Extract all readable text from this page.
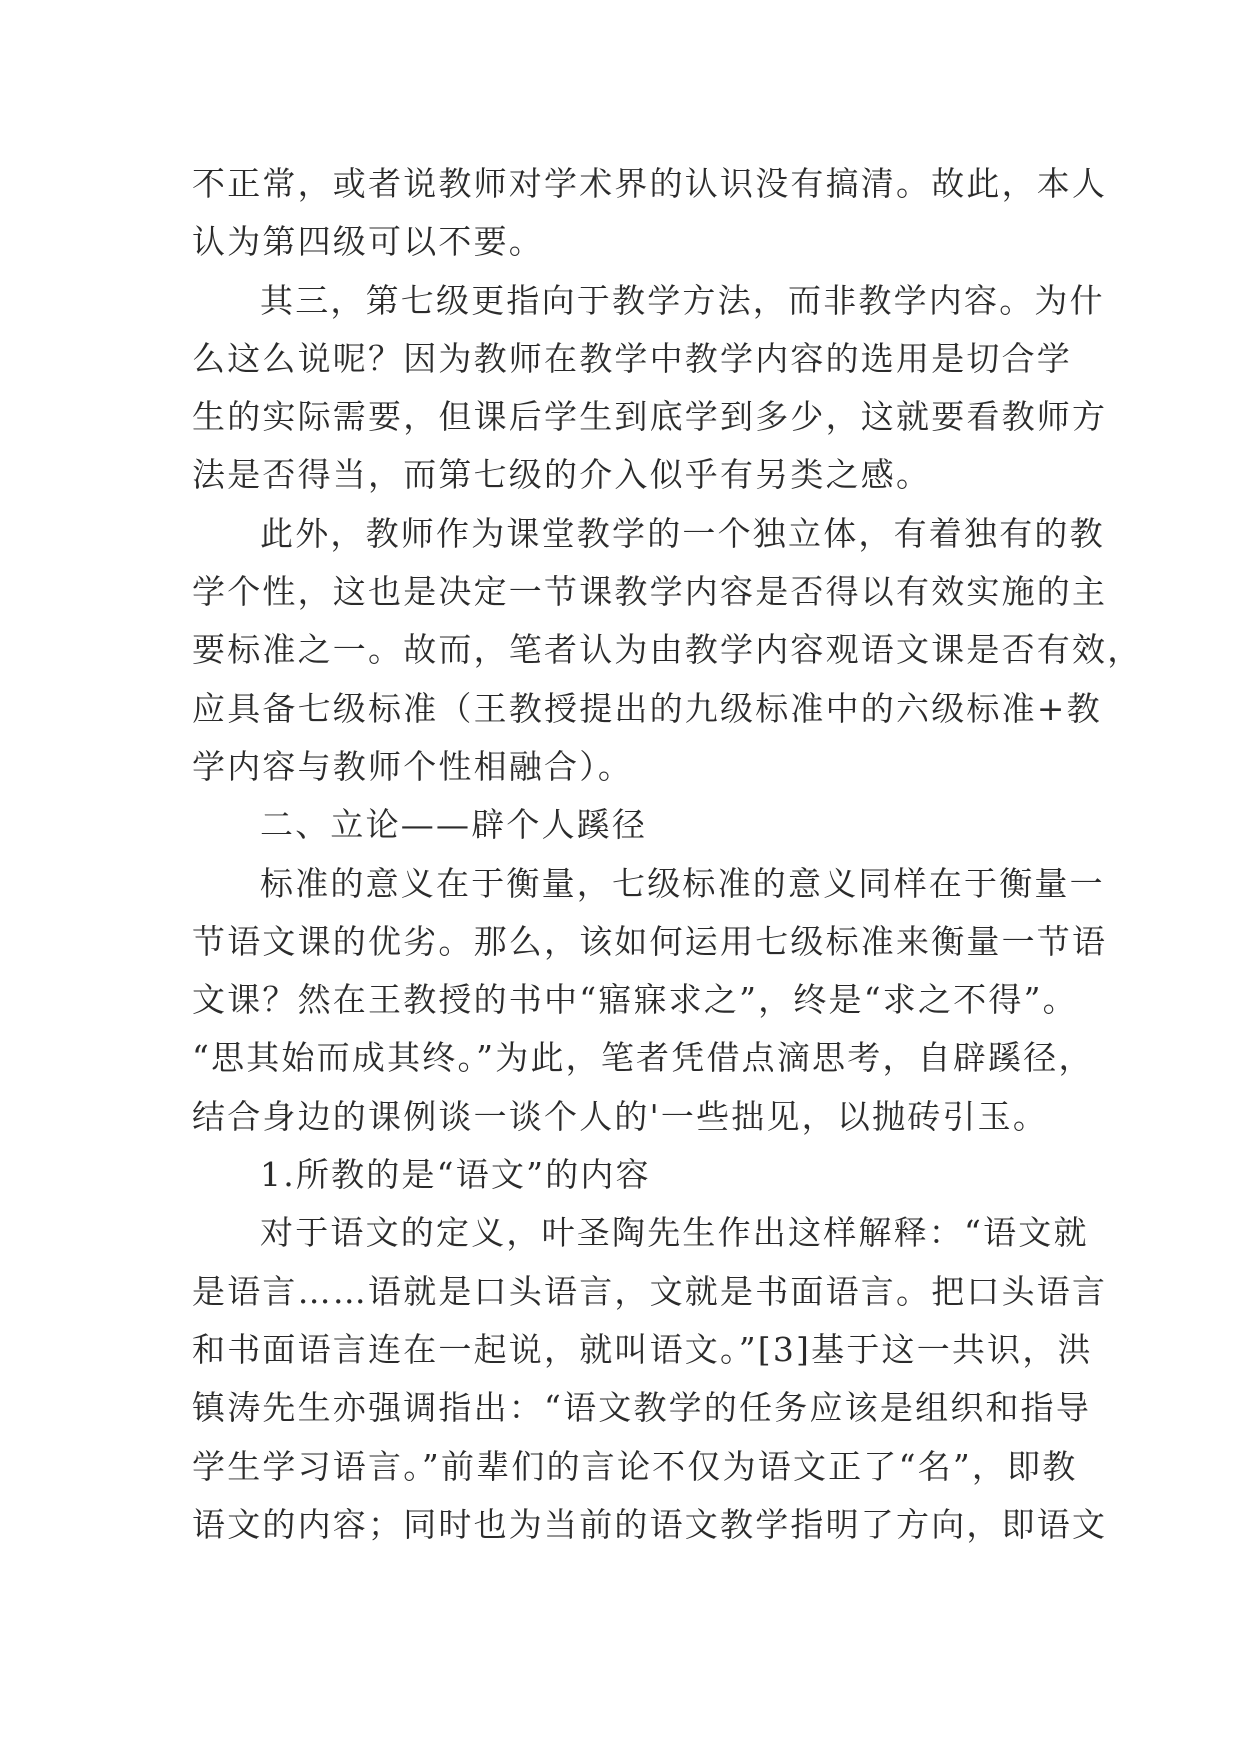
不正常，或者说教师对学术界的认识没有搞清。故此，本人
认为第四级可以不要。
其三，第七级更指向于教学方法，而非教学内容。为什
么这么说呢？因为教师在教学中教学内容的选用是切合学
生的实际需要，但课后学生到底学到多少，这就要看教师方
法是否得当，而第七级的介入似乎有另类之感。
此外，教师作为课堂教学的一个独立体，有着独有的教
学个性，这也是决定一节课教学内容是否得以有效实施的主
要标准之一。故而，笔者认为由教学内容观语文课是否有效，
应具备七级标准（王教授提出的九级标准中的六级标准+教
学内容与教师个性相融合）。
二、立论——辟个人蹊径
标准的意义在于衡量，七级标准的意义同样在于衡量一
节语文课的优劣。那么，该如何运用七级标准来衡量一节语
文课？然在王教授的书中“寤寐求之”，终是“求之不得”。
“思其始而成其终。”为此，笔者凭借点滴思考，自辟蹊径，
结合身边的课例谈一谈个人的'一些拙见，以抛砖引玉。
1.所教的是“语文”的内容
对于语文的定义，叶圣陶先生作出这样解释：“语文就
是语言……语就是口头语言，文就是书面语言。把口头语言
和书面语言连在一起说，就叫语文。”[3]基于这一共识，洪
镇涛先生亦强调指出：“语文教学的任务应该是组织和指导
学生学习语言。”前辈们的言论不仅为语文正了“名”，即教
语文的内容；同时也为当前的语文教学指明了方向，即语文
